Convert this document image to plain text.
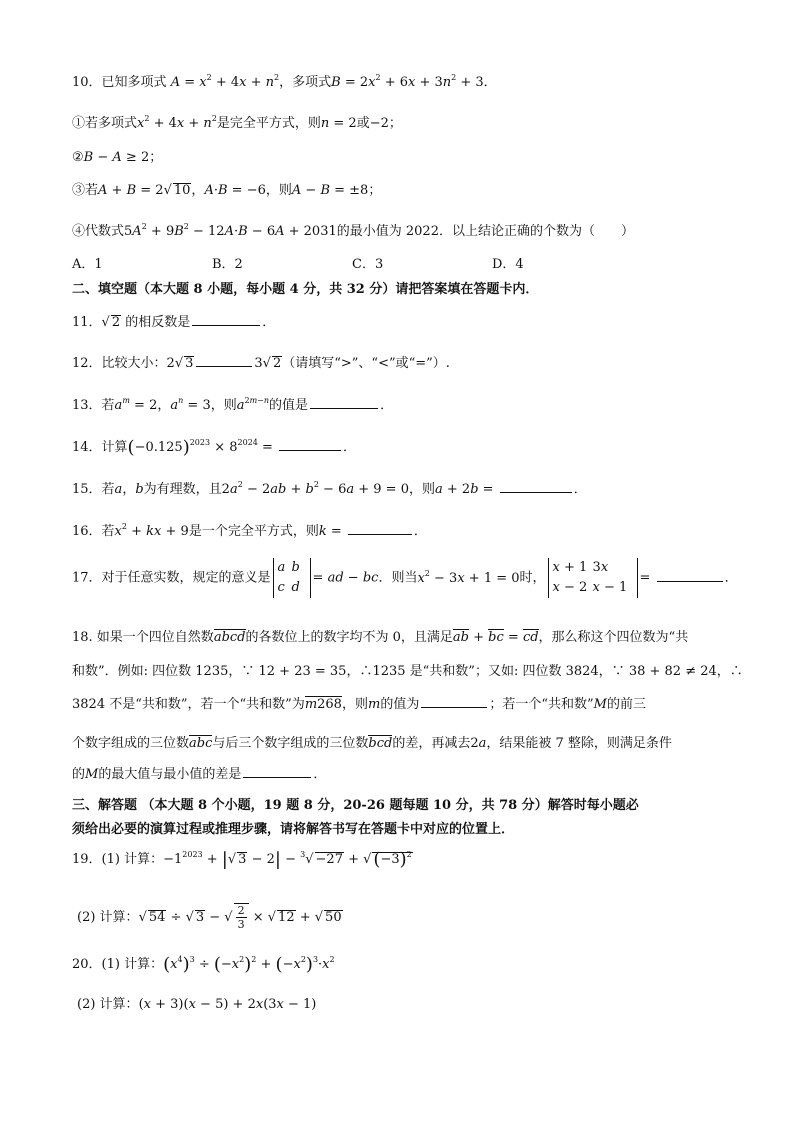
10．已知多项式 $A = x^2 + 4x + n^2$，多项式$B = 2x^2 + 6x + 3n^2 + 3$．
①若多项式$x^2 + 4x + n^2$是完全平方式，则n = 2或−2；
②B − A ≥ 2；
③若A + B = 2√ 10，A·B = −6，则A − B = ±8；
④代数式$5A^2 + 9B^2 - 12A\cdot B - 6A + 2031$的最小值为 2022．以上结论正确的个数为（　　）
A．1	B．2	C．3	D．4
二、填空题（本大题 8 小题，每小题 4 分，共 32 分）请把答案填在答题卡内．
11．√ 2 的相反数是	．
12．比较大小：2√ 3	3√ 2（请填写“>”、“<”或“=”）.
13．若$a^m = 2$，$a^n = 3$，则$a^{2m-n}$的值是	．
14．计算$(-0.125)^{2023} \times 8^{2024}$ =	．
15．若a，b为有理数，且$2a^2 - 2ab + b^2 - 6a + 9 = 0$，则a + 2b =	．
16．若$x^2$ + kx + 9是一个完全平方式，则k =	．
17．对于任意实数，规定的意义是
a b
c d
= ad − bc．则当$x^2 - 3x + 1 = 0$时，
x + 1 3x
x − 2 x − 1
=	．
18. 如果一个四位自然数abcd的各数位上的数字均不为 0，且满足ab + bc = cd，那么称这个四位数为“共
和数”．例如: 四位数 1235，∵ 12 + 23 = 35，∴1235 是“共和数”；又如: 四位数 3824，∵ 38 + 82 ≠ 24，∴
3824 不是“共和数”，若一个“共和数”为m268，则m的值为	；若一个“共和数”M的前三
个数字组成的三位数abc与后三个数字组成的三位数bcd的差，再减去2a，结果能被 7 整除，则满足条件
的M的最大值与最小值的差是	．
三、解答题 （本大题 8 个小题，19 题 8 分，20-26 题每题 10 分，共 78 分）解答时每小题必
须给出必要的演算过程或推理步骤，请将解答书写在答题卡中对应的位置上．
19．(1) 计算：$-1^{2023}$ + |√ 3 − 2| − $^3$√ −27 + √ $(-3)^2$
(2) 计算：√ 54 ÷ √ 3 − √ $\frac{2}{3}$ × √ 12 + √ 50
20．(1) 计算：$(x^4)^3 \div (-x^2)^2 + (-x^2)^3\cdot x^2$
(2) 计算：(x + 3)(x − 5) + 2x(3x − 1)
